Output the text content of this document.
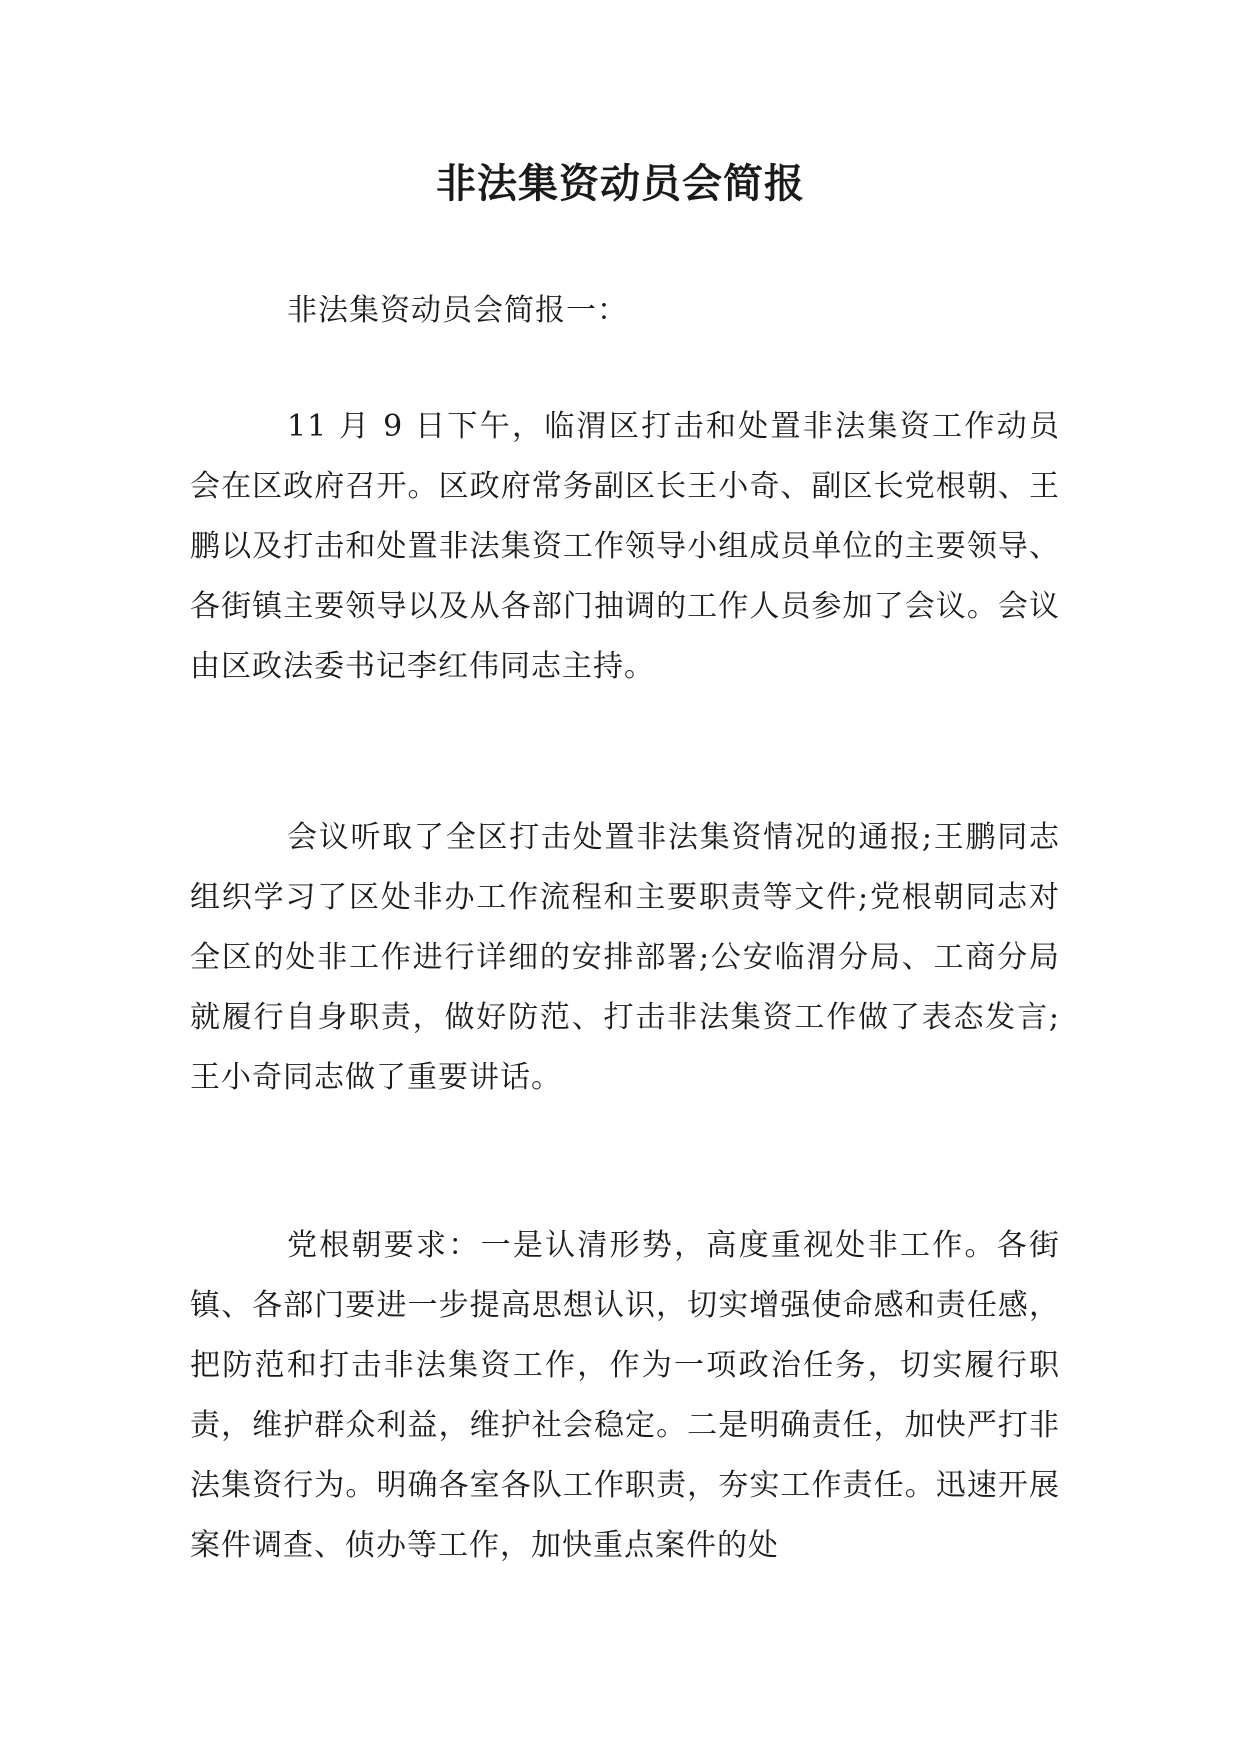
非法集资动员会简报

非法集资动员会简报一：

11 月 9 日下午，临渭区打击和处置非法集资工作动员会在区政府召开。区政府常务副区长王小奇、副区长党根朝、王鹏以及打击和处置非法集资工作领导小组成员单位的主要领导、各街镇主要领导以及从各部门抽调的工作人员参加了会议。会议由区政法委书记李红伟同志主持。

会议听取了全区打击处置非法集资情况的通报;王鹏同志组织学习了区处非办工作流程和主要职责等文件;党根朝同志对全区的处非工作进行详细的安排部署;公安临渭分局、工商分局就履行自身职责，做好防范、打击非法集资工作做了表态发言;王小奇同志做了重要讲话。

党根朝要求：一是认清形势，高度重视处非工作。各街镇、各部门要进一步提高思想认识，切实增强使命感和责任感，把防范和打击非法集资工作，作为一项政治任务，切实履行职责，维护群众利益，维护社会稳定。二是明确责任，加快严打非法集资行为。明确各室各队工作职责，夯实工作责任。迅速开展案件调查、侦办等工作，加快重点案件的处
